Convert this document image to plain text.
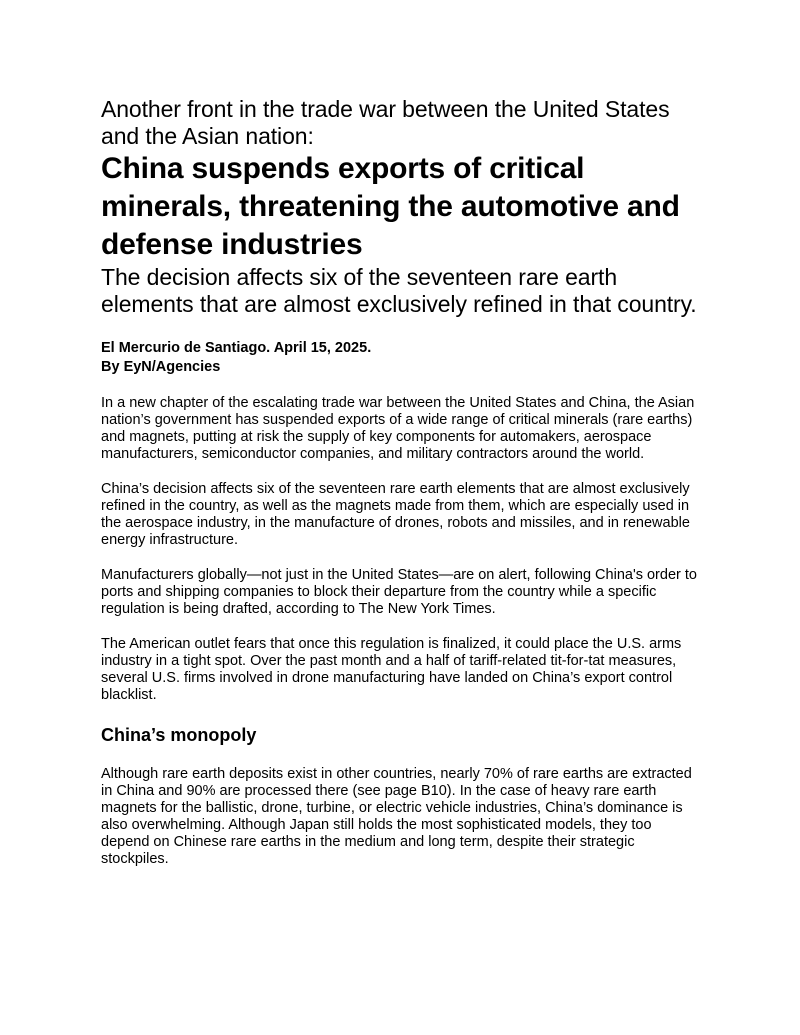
Another front in the trade war between the United States and the Asian nation:

China suspends exports of critical minerals, threatening the automotive and defense industries

The decision affects six of the seventeen rare earth elements that are almost exclusively refined in that country.

El Mercurio de Santiago. April 15, 2025.
By EyN/Agencies

In a new chapter of the escalating trade war between the United States and China, the Asian nation’s government has suspended exports of a wide range of critical minerals (rare earths) and magnets, putting at risk the supply of key components for automakers, aerospace manufacturers, semiconductor companies, and military contractors around the world.

China’s decision affects six of the seventeen rare earth elements that are almost exclusively refined in the country, as well as the magnets made from them, which are especially used in the aerospace industry, in the manufacture of drones, robots and missiles, and in renewable energy infrastructure.

Manufacturers globally—not just in the United States—are on alert, following China's order to ports and shipping companies to block their departure from the country while a specific regulation is being drafted, according to The New York Times.

The American outlet fears that once this regulation is finalized, it could place the U.S. arms industry in a tight spot. Over the past month and a half of tariff-related tit-for-tat measures, several U.S. firms involved in drone manufacturing have landed on China’s export control blacklist.

China’s monopoly

Although rare earth deposits exist in other countries, nearly 70% of rare earths are extracted in China and 90% are processed there (see page B10). In the case of heavy rare earth magnets for the ballistic, drone, turbine, or electric vehicle industries, China’s dominance is also overwhelming. Although Japan still holds the most sophisticated models, they too depend on Chinese rare earths in the medium and long term, despite their strategic stockpiles.
